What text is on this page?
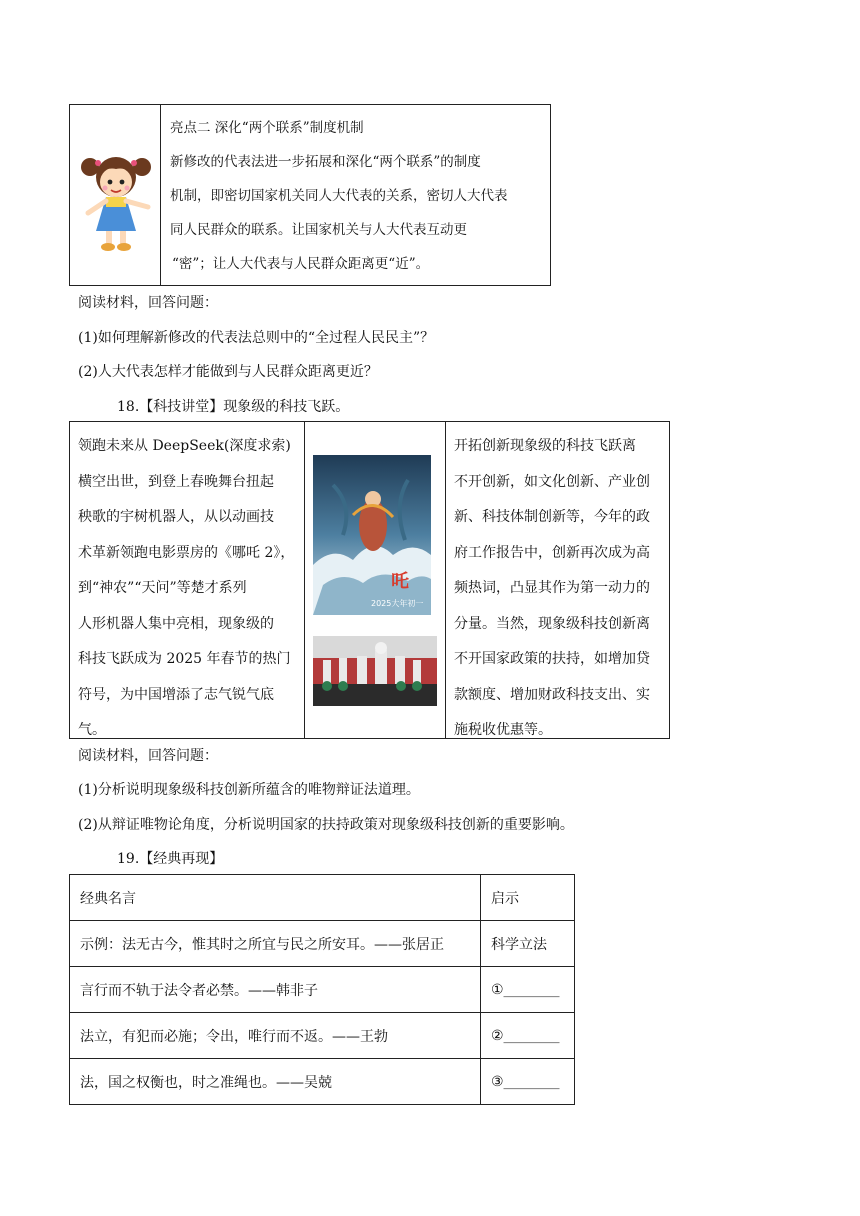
亮点二 深化“两个联系”制度机制
新修改的代表法进一步拓展和深化“两个联系”的制度
机制，即密切国家机关同人大代表的关系，密切人大代表
同人民群众的联系。让国家机关与人大代表互动更
“密”；让人大代表与人民群众距离更“近”。
阅读材料，回答问题：
(1)如何理解新修改的代表法总则中的“全过程人民民主”？
(2)人大代表怎样才能做到与人民群众距离更近？
18.【科技讲堂】现象级的科技飞跃。
领跑未来从 DeepSeek(深度求索)
横空出世，到登上春晚舞台扭起
秧歌的宇树机器人，从以动画技
术革新领跑电影票房的《哪吒 2》，
到“神农”“天问”等楚才系列
人形机器人集中亮相，现象级的
科技飞跃成为 2025 年春节的热门
符号，为中国增添了志气锐气底
气。
吒
2025大年初一
开拓创新现象级的科技飞跃离
不开创新，如文化创新、产业创
新、科技体制创新等，今年的政
府工作报告中，创新再次成为高
频热词，凸显其作为第一动力的
分量。当然，现象级科技创新离
不开国家政策的扶持，如增加贷
款额度、增加财政科技支出、实
施税收优惠等。
阅读材料，回答问题：
(1)分析说明现象级科技创新所蕴含的唯物辩证法道理。
(2)从辩证唯物论角度，分析说明国家的扶持政策对现象级科技创新的重要影响。
19.【经典再现】
经典名言	启示
示例：法无古今，惟其时之所宜与民之所安耳。——张居正	科学立法
言行而不轨于法令者必禁。——韩非子	①________
法立，有犯而必施；令出，唯行而不返。——王勃	②________
法，国之权衡也，时之准绳也。——吴兢	③________
